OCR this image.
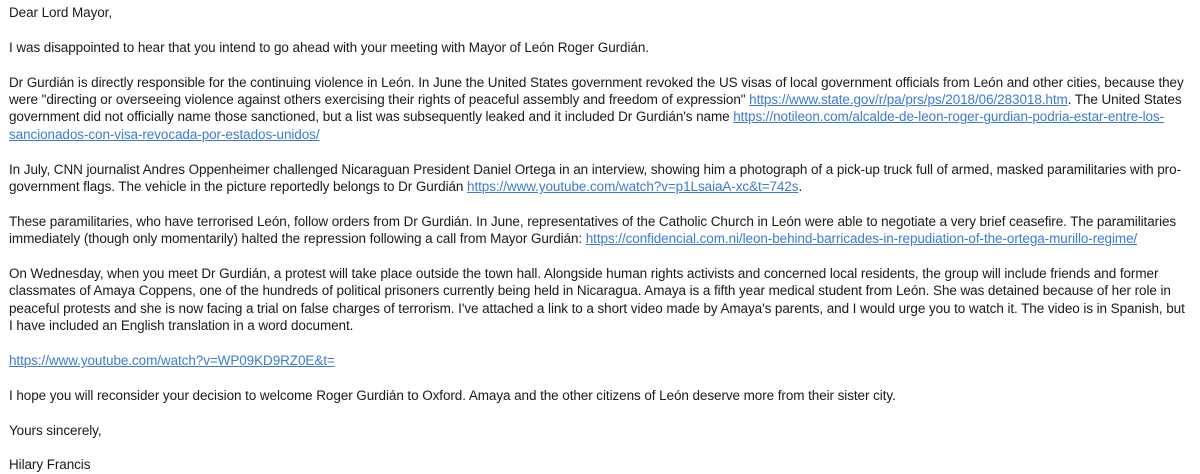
Dear Lord Mayor,

I was disappointed to hear that you intend to go ahead with your meeting with Mayor of León Roger Gurdián.

Dr Gurdián is directly responsible for the continuing violence in León. In June the United States government revoked the US visas of local government officials from León and other cities, because they were "directing or overseeing violence against others exercising their rights of peaceful assembly and freedom of expression" https://www.state.gov/r/pa/prs/ps/2018/06/283018.htm. The United States government did not officially name those sanctioned, but a list was subsequently leaked and it included Dr Gurdián's name https://notileon.com/alcalde-de-leon-roger-gurdian-podria-estar-entre-los-sancionados-con-visa-revocada-por-estados-unidos/

In July, CNN journalist Andres Oppenheimer challenged Nicaraguan President Daniel Ortega in an interview, showing him a photograph of a pick-up truck full of armed, masked paramilitaries with pro-government flags. The vehicle in the picture reportedly belongs to Dr Gurdián https://www.youtube.com/watch?v=p1LsaiaA-xc&t=742s.

These paramilitaries, who have terrorised León, follow orders from Dr Gurdián. In June, representatives of the Catholic Church in León were able to negotiate a very brief ceasefire. The paramilitaries immediately (though only momentarily) halted the repression following a call from Mayor Gurdián: https://confidencial.com.ni/leon-behind-barricades-in-repudiation-of-the-ortega-murillo-regime/

On Wednesday, when you meet Dr Gurdián, a protest will take place outside the town hall. Alongside human rights activists and concerned local residents, the group will include friends and former classmates of Amaya Coppens, one of the hundreds of political prisoners currently being held in Nicaragua. Amaya is a fifth year medical student from León. She was detained because of her role in peaceful protests and she is now facing a trial on false charges of terrorism. I've attached a link to a short video made by Amaya's parents, and I would urge you to watch it. The video is in Spanish, but I have included an English translation in a word document.

https://www.youtube.com/watch?v=WP09KD9RZ0E&t=

I hope you will reconsider your decision to welcome Roger Gurdián to Oxford. Amaya and the other citizens of León deserve more from their sister city.

Yours sincerely,

Hilary Francis
